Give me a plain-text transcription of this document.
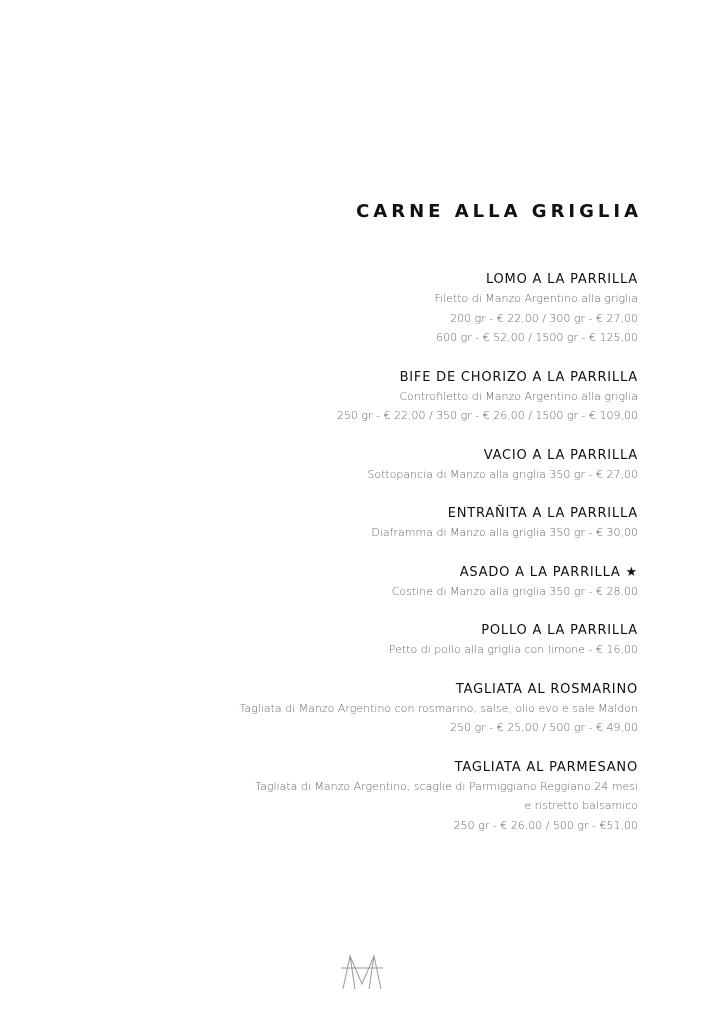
CARNE ALLA GRIGLIA
LOMO A LA PARRILLA
Filetto di Manzo Argentino alla griglia
200 gr - € 22,00 / 300 gr - € 27,00
600 gr - € 52,00 / 1500 gr - € 125,00
BIFE DE CHORIZO A LA PARRILLA
Controfiletto di Manzo Argentino alla griglia
250 gr - € 22,00 / 350 gr - € 26,00 / 1500 gr - € 109,00
VACIO A LA PARRILLA
Sottopancia di Manzo alla griglia 350 gr - € 27,00
ENTRAÑITA A LA PARRILLA
Diaframma di Manzo alla griglia 350 gr - € 30,00
ASADO A LA PARRILLA ★
Costine di Manzo alla griglia 350 gr - € 28,00
POLLO A LA PARRILLA
Petto di pollo alla griglia con limone - € 16,00
TAGLIATA AL ROSMARINO
Tagliata di Manzo Argentino con rosmarino, salse, olio evo e sale Maldon
250 gr - € 25,00 / 500 gr - € 49,00
TAGLIATA AL PARMESANO
Tagliata di Manzo Argentino, scaglie di Parmiggiano Reggiano 24 mesi
e ristretto balsamico
250 gr - € 26,00 / 500 gr - €51,00
